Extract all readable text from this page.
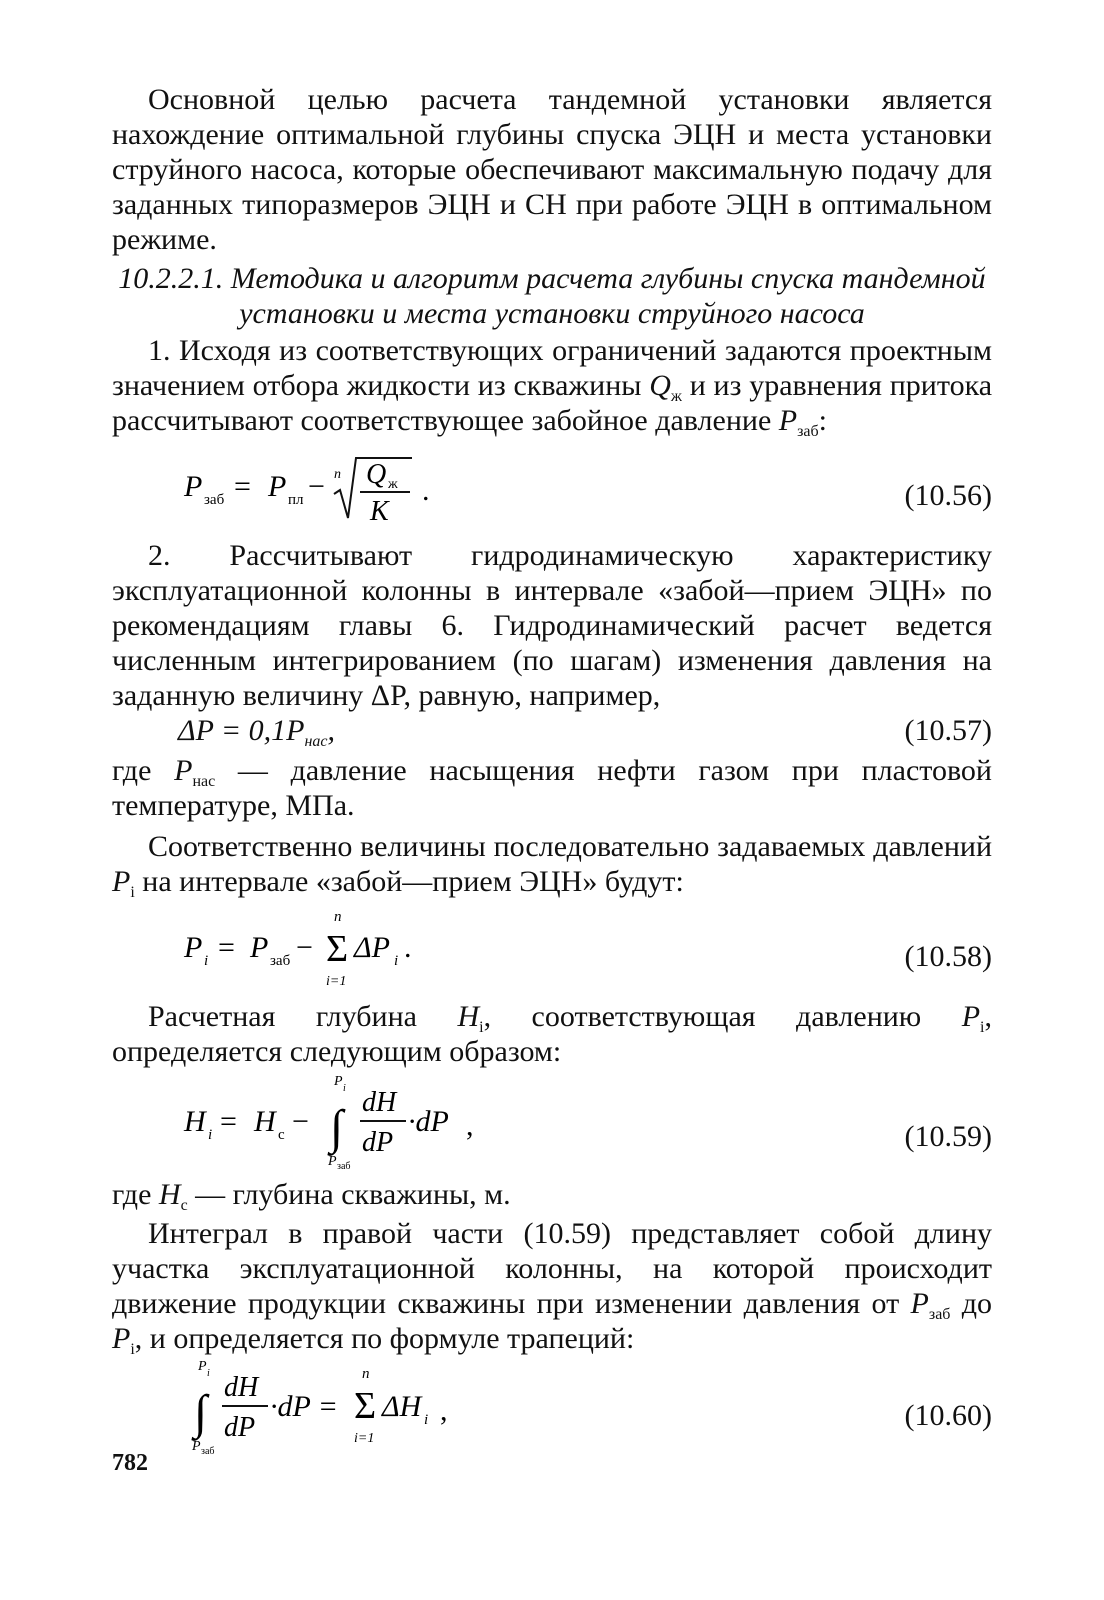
Основной целью расчета тандемной установки является нахождение оптимальной глубины спуска ЭЦН и места установки струйного насоса, которые обеспечивают максимальную подачу для заданных типоразмеров ЭЦН и СН при работе ЭЦН в оптимальном режиме.

10.2.2.1. Методика и алгоритм расчета глубины спуска тандемной установки и места установки струйного насоса

1. Исходя из соответствующих ограничений задаются проектным значением отбора жидкости из скважины $Q_ж$ и из уравнения притока рассчитывают соответствующее забойное давление $P_{заб}$:

P заб = P пл − n Q ж
K
.	(10.56)

2. Рассчитывают гидродинамическую характеристику эксплуатационной колонны в интервале «забой—прием ЭЦН» по рекомендациям главы 6. Гидродинамический расчет ведется численным интегрированием (по шагам) изменения давления на заданную величину ΔP, равную, например,

$\Delta P = 0,1P_{нас}$,	(10.57)

где $P_{нас}$ — давление насыщения нефти газом при пластовой температуре, МПа.

Соответственно величины последовательно задаваемых давлений $P_i$ на интервале «забой—прием ЭЦН» будут:

P i = P заб −
n
Σ
i=1
ΔP i .	(10.58)

Расчетная глубина $H_i$, соответствующая давлению $P_i$, определяется следующим образом:

H i = H с −
P i
∫
P заб
dH
dP
·dP ,	(10.59)

где $H_с$ — глубина скважины, м.

Интеграл в правой части (10.59) представляет собой длину участка эксплуатационной колонны, на которой происходит движение продукции скважины при изменении давления от $P_{заб}$ до $P_i$, и определяется по формуле трапеций:

P i
∫
P заб
dH
dP
·dP =
n
Σ
i=1
ΔH i ,	(10.60)
782
